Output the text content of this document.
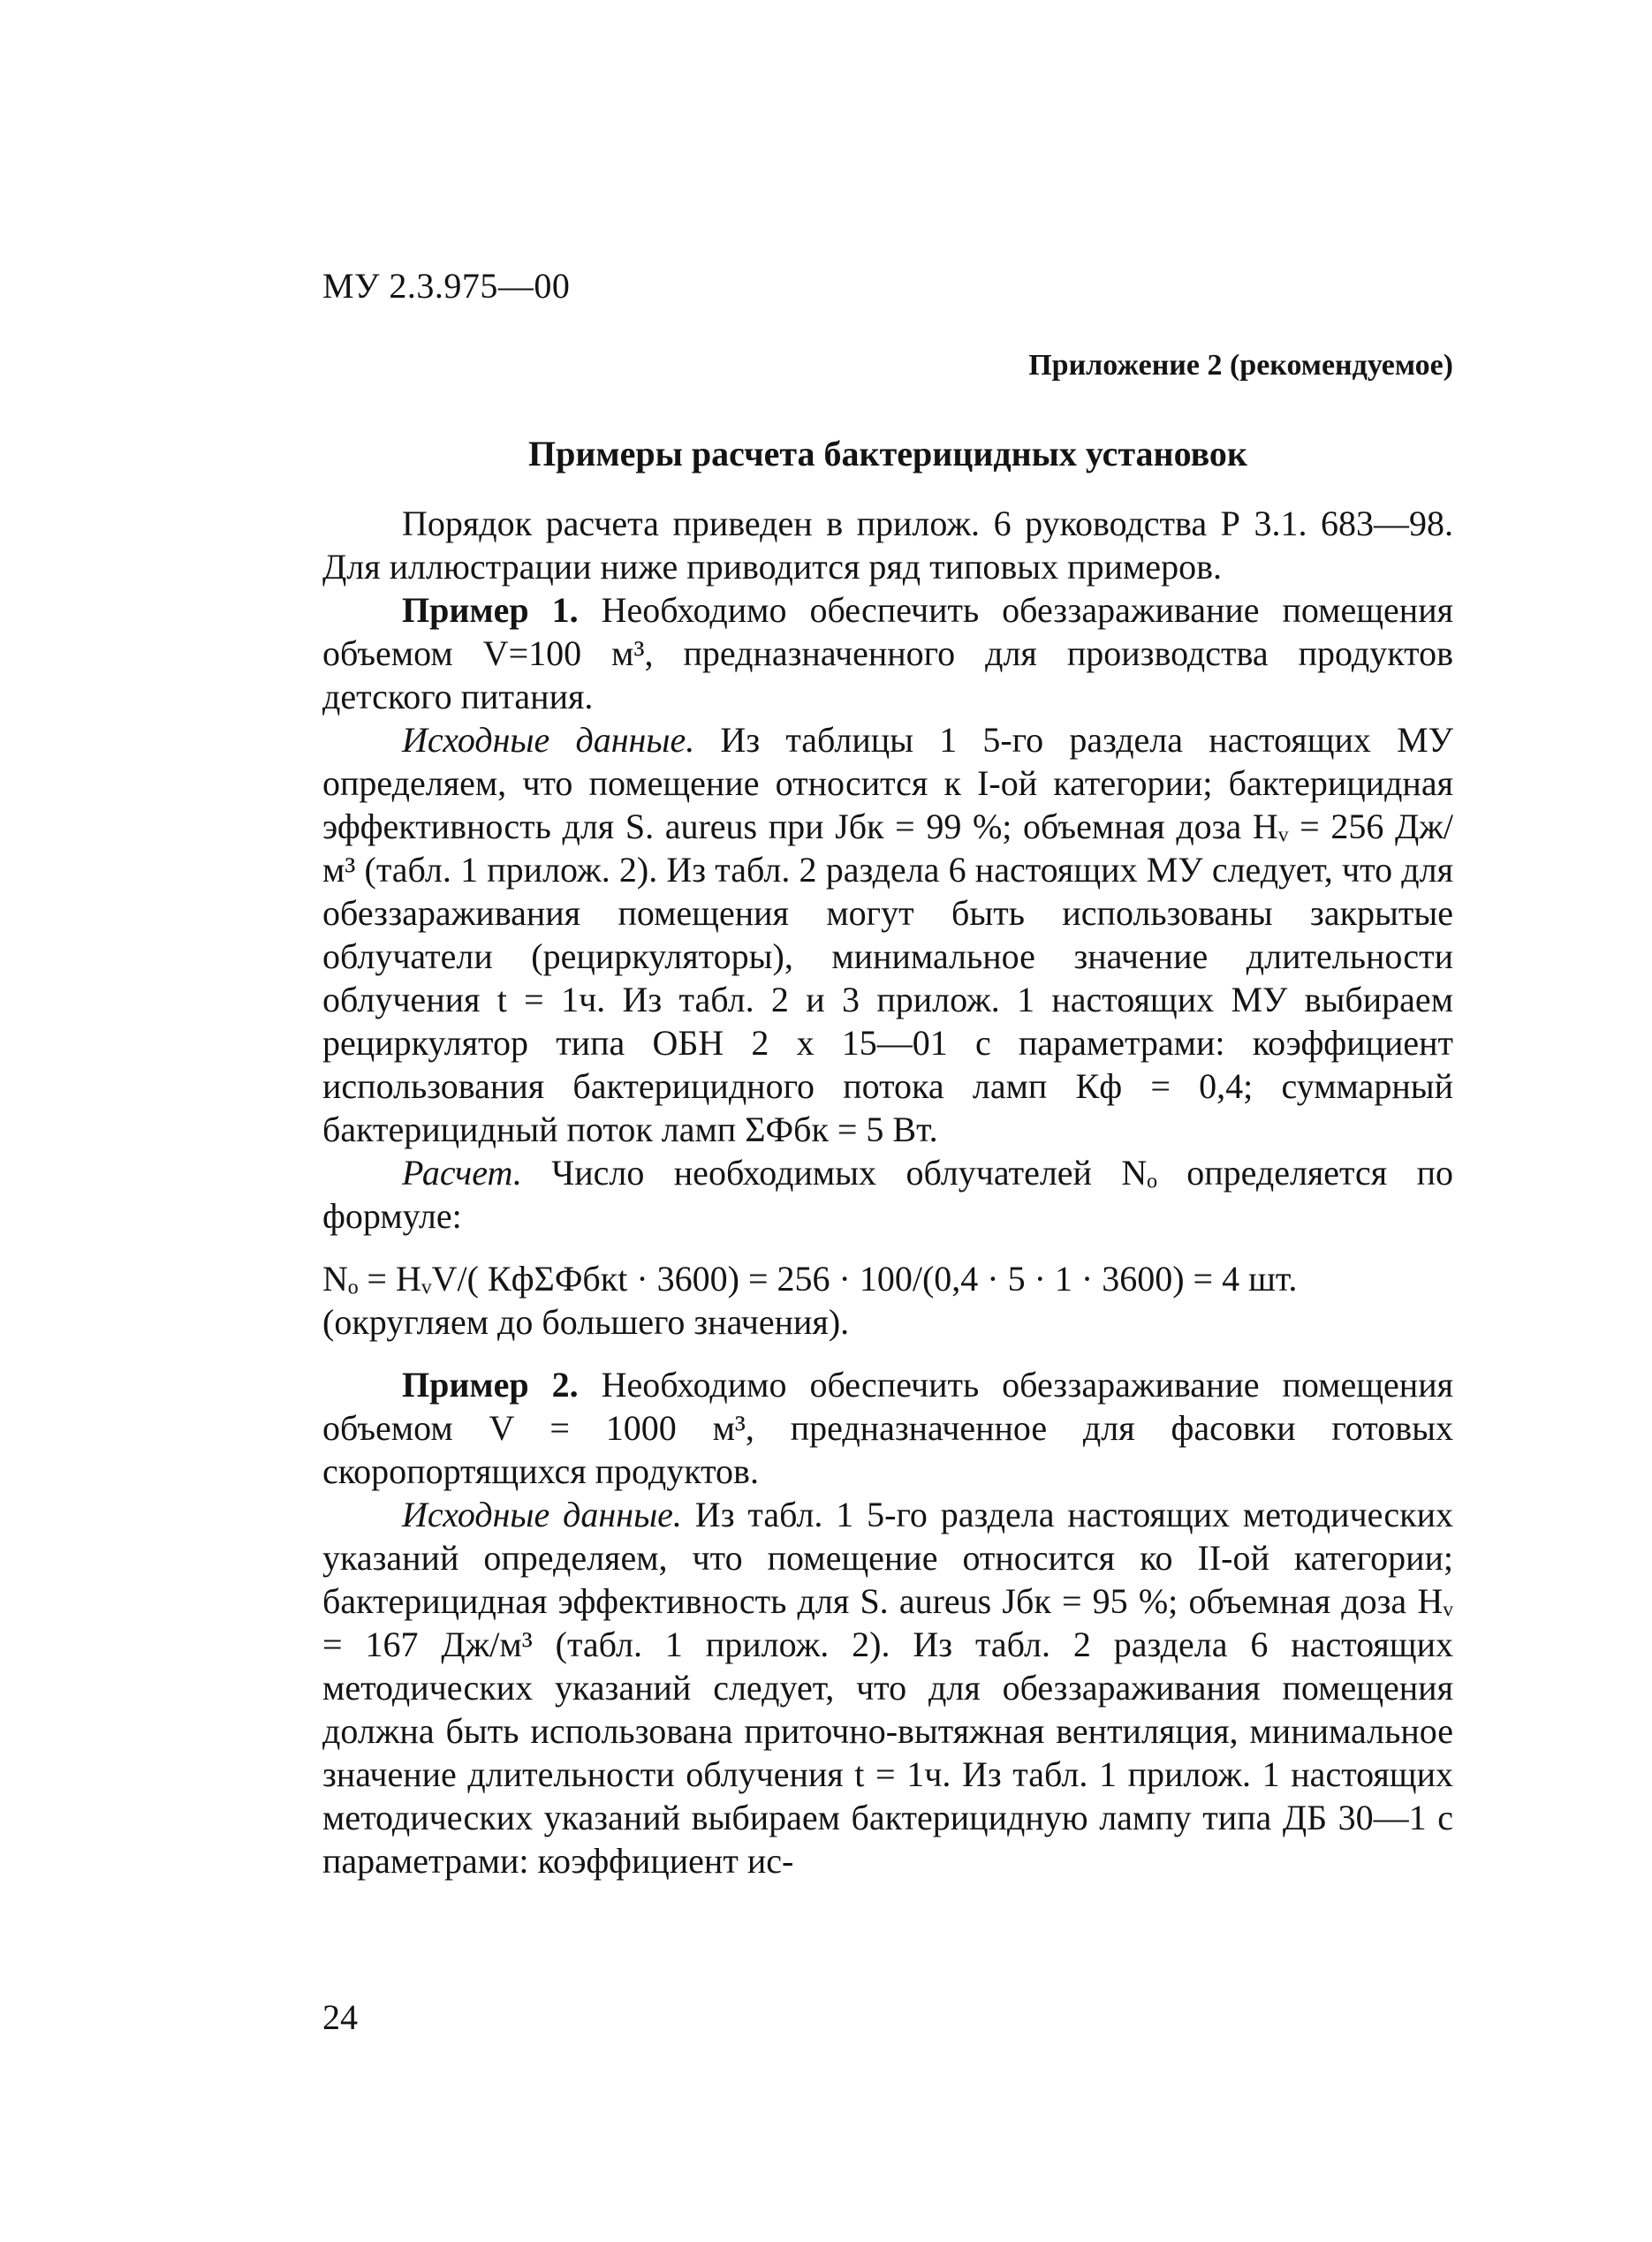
МУ 2.3.975—00
Приложение 2 (рекомендуемое)
Примеры расчета бактерицидных установок

Порядок расчета приведен в прилож. 6 руководства Р 3.1. 683—98. Для иллюстрации ниже приводится ряд типовых примеров.

Пример 1. Необходимо обеспечить обеззараживание помещения объемом V=100 м³, предназначенного для производства продуктов детского питания.

Исходные данные. Из таблицы 1 5-го раздела настоящих МУ определяем, что помещение относится к I-ой категории; бактерицидная эффективность для S. aureus при Jбк = 99 %; объемная доза Hᵥ = 256 Дж/м³ (табл. 1 прилож. 2). Из табл. 2 раздела 6 настоящих МУ следует, что для обеззараживания помещения могут быть использованы закрытые облучатели (рециркуляторы), минимальное значение длительности облучения t = 1ч. Из табл. 2 и 3 прилож. 1 настоящих МУ выбираем рециркулятор типа ОБН 2 х 15—01 с параметрами: коэффициент использования бактерицидного потока ламп Кф = 0,4; суммарный бактерицидный поток ламп ΣФбк = 5 Вт.

Расчет. Число необходимых облучателей Nₒ определяется по формуле:

Nₒ = HᵥV/( КфΣФбкt · 3600) = 256 · 100/(0,4 · 5 · 1 · 3600) = 4 шт.

(округляем до большего значения).

Пример 2. Необходимо обеспечить обеззараживание помещения объемом V = 1000 м³, предназначенное для фасовки готовых скоропортящихся продуктов.

Исходные данные. Из табл. 1 5-го раздела настоящих методических указаний определяем, что помещение относится ко II-ой категории; бактерицидная эффективность для S. aureus Jбк = 95 %; объемная доза Hᵥ = 167 Дж/м³ (табл. 1 прилож. 2). Из табл. 2 раздела 6 настоящих методических указаний следует, что для обеззараживания помещения должна быть использована приточно-вытяжная вентиляция, минимальное значение длительности облучения t = 1ч. Из табл. 1 прилож. 1 настоящих методических указаний выбираем бактерицидную лампу типа ДБ 30—1 с параметрами: коэффициент ис-

24
